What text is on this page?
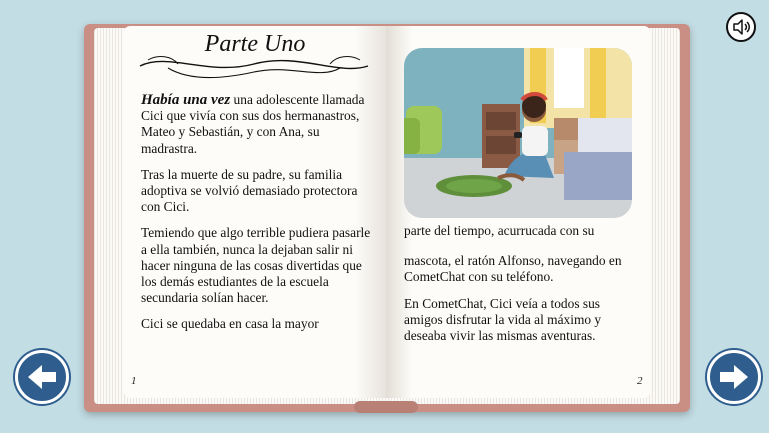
Parte Uno

Había una vez una adolescente llamada Cici que vivía con sus dos hermanastros, Mateo y Sebastián, y con Ana, su madrastra.

Tras la muerte de su padre, su familia adoptiva se volvió demasiado protectora con Cici.

Temiendo que algo terrible pudiera pasarle a ella también, nunca la dejaban salir ni hacer ninguna de las cosas divertidas que los demás estudiantes de la escuela secundaria solían hacer.

Cici se quedaba en casa la mayor

1

parte del tiempo, acurrucada con su

mascota, el ratón Alfonso, navegando en CometChat con su teléfono.

En CometChat, Cici veía a todos sus amigos disfrutar la vida al máximo y deseaba vivir las mismas aventuras.

2
